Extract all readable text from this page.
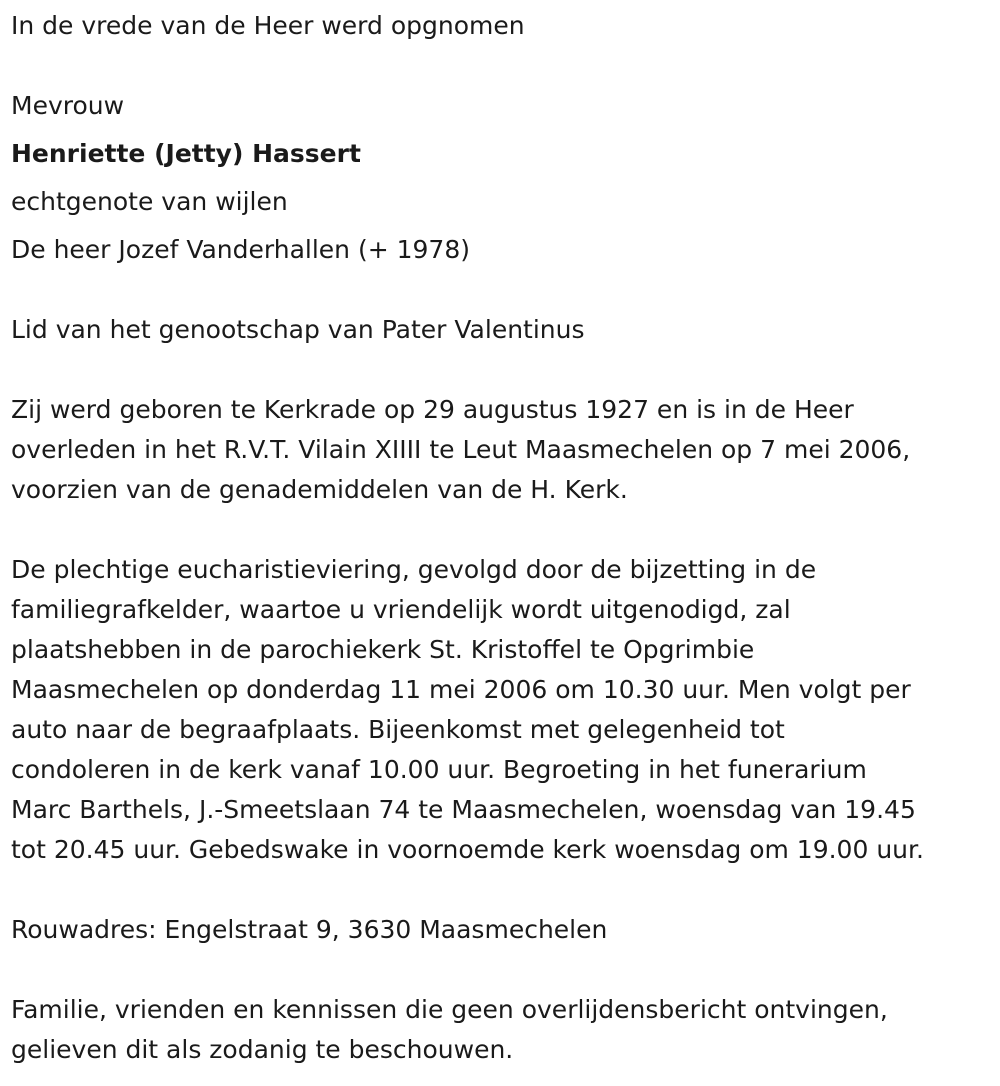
In de vrede van de Heer werd opgnomen
Mevrouw
Henriette (Jetty) Hassert
echtgenote van wijlen
De heer Jozef Vanderhallen (+ 1978)
Lid van het genootschap van Pater Valentinus
Zij werd geboren te Kerkrade op 29 augustus 1927 en is in de Heer
overleden in het R.V.T. Vilain XIIII te Leut Maasmechelen op 7 mei 2006,
voorzien van de genademiddelen van de H. Kerk.
De plechtige eucharistieviering, gevolgd door de bijzetting in de
familiegrafkelder, waartoe u vriendelijk wordt uitgenodigd, zal
plaatshebben in de parochiekerk St. Kristoffel te Opgrimbie
Maasmechelen op donderdag 11 mei 2006 om 10.30 uur. Men volgt per
auto naar de begraafplaats. Bijeenkomst met gelegenheid tot
condoleren in de kerk vanaf 10.00 uur. Begroeting in het funerarium
Marc Barthels, J.-Smeetslaan 74 te Maasmechelen, woensdag van 19.45
tot 20.45 uur. Gebedswake in voornoemde kerk woensdag om 19.00 uur.
Rouwadres: Engelstraat 9, 3630 Maasmechelen
Familie, vrienden en kennissen die geen overlijdensbericht ontvingen,
gelieven dit als zodanig te beschouwen.
